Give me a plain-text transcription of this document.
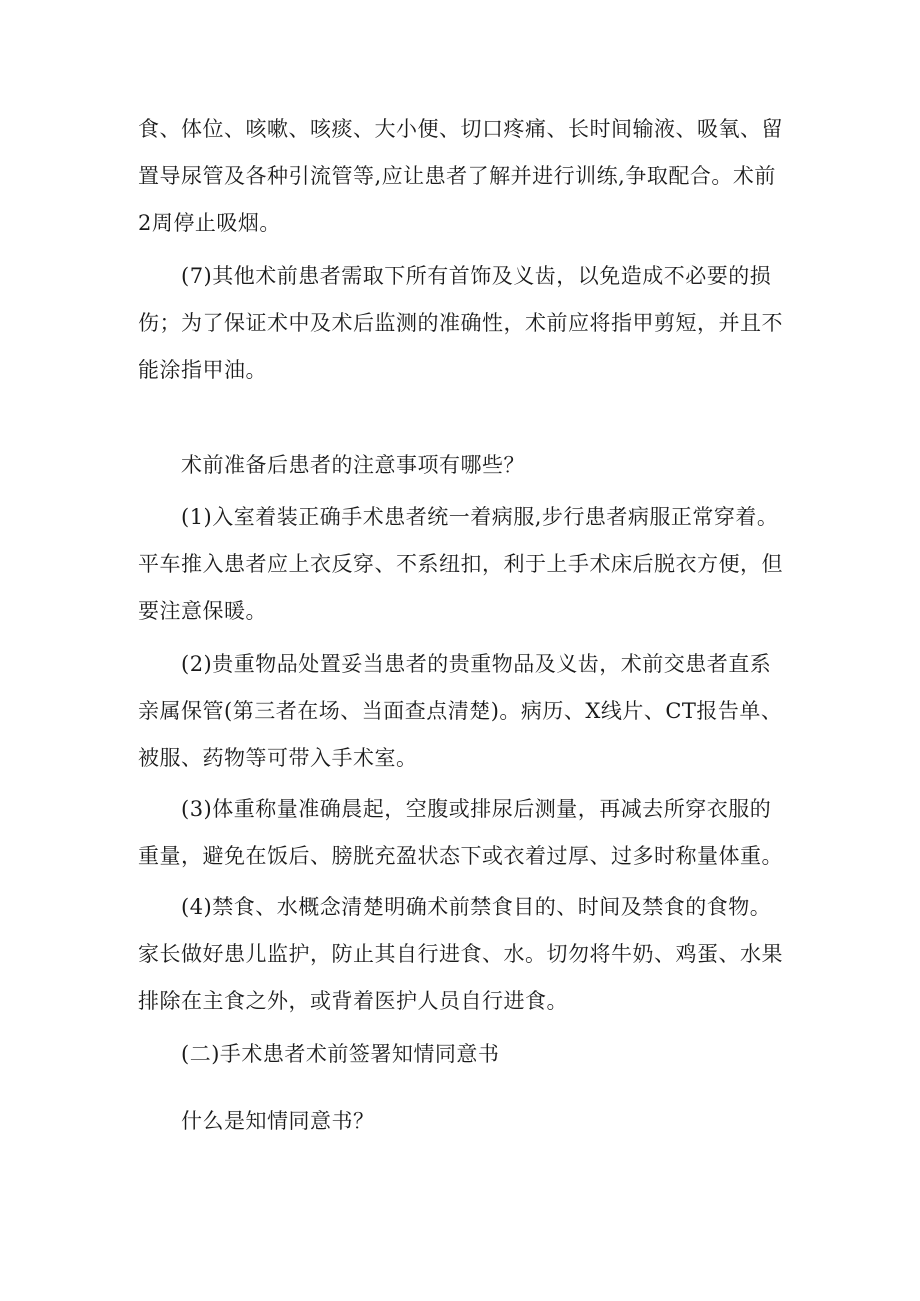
食、体位、咳嗽、咳痰、大小便、切口疼痛、长时间输液、吸氧、留置导尿管及各种引流管等,应让患者了解并进行训练,争取配合。术前2周停止吸烟。

(7)其他术前患者需取下所有首饰及义齿，以免造成不必要的损伤；为了保证术中及术后监测的准确性，术前应将指甲剪短，并且不能涂指甲油。

术前准备后患者的注意事项有哪些？

(1)入室着装正确手术患者统一着病服,步行患者病服正常穿着。平车推入患者应上衣反穿、不系纽扣，利于上手术床后脱衣方便，但要注意保暖。

(2)贵重物品处置妥当患者的贵重物品及义齿，术前交患者直系亲属保管(第三者在场、当面查点清楚)。病历、X线片、CT报告单、被服、药物等可带入手术室。

(3)体重称量准确晨起，空腹或排尿后测量，再减去所穿衣服的重量，避免在饭后、膀胱充盈状态下或衣着过厚、过多时称量体重。

(4)禁食、水概念清楚明确术前禁食目的、时间及禁食的食物。家长做好患儿监护，防止其自行进食、水。切勿将牛奶、鸡蛋、水果排除在主食之外，或背着医护人员自行进食。

(二)手术患者术前签署知情同意书

什么是知情同意书？
